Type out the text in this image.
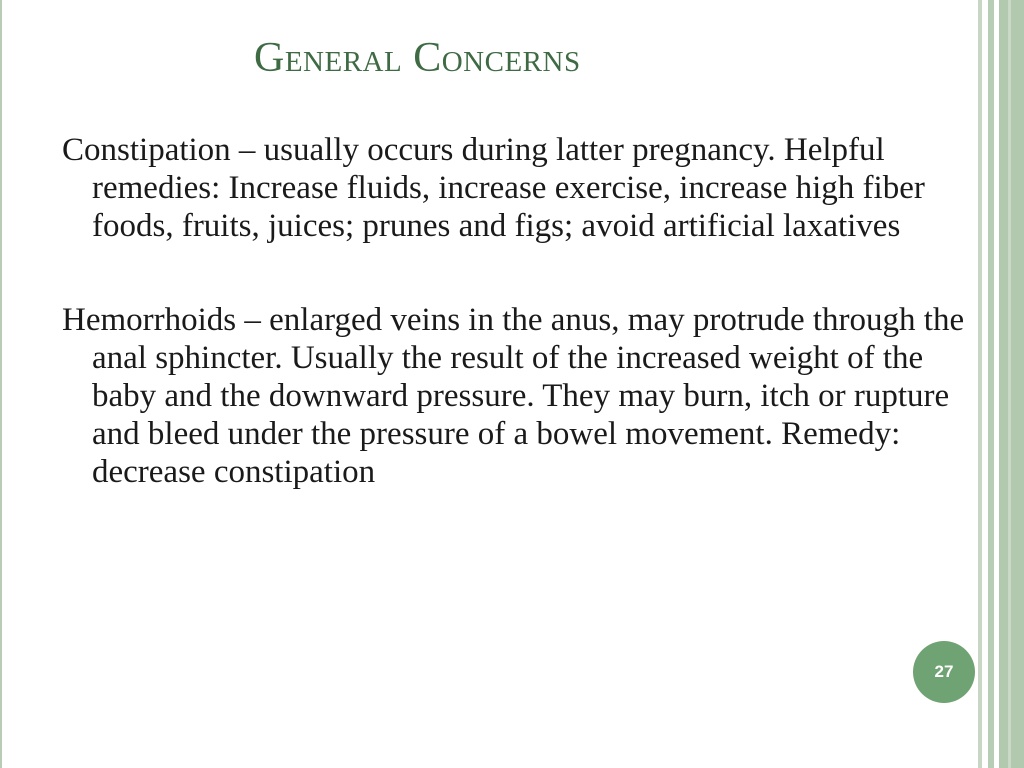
General Concerns

Constipation – usually occurs during latter pregnancy. Helpful remedies: Increase fluids, increase exercise, increase high fiber foods, fruits, juices; prunes and figs; avoid artificial laxatives

Hemorrhoids – enlarged veins in the anus, may protrude through the anal sphincter. Usually the result of the increased weight of the baby and the downward pressure. They may burn, itch or rupture and bleed under the pressure of a bowel movement. Remedy: decrease constipation

27
